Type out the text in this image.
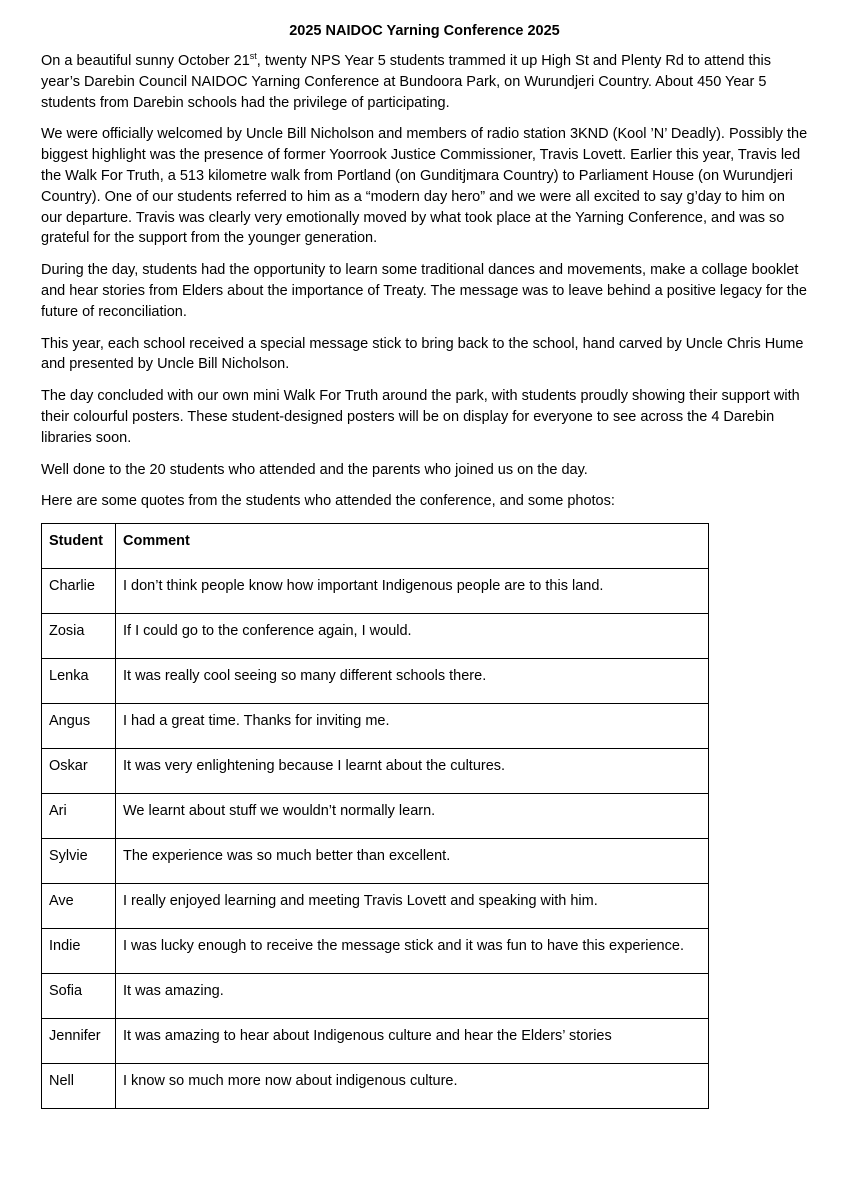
2025 NAIDOC Yarning Conference 2025

On a beautiful sunny October 21st, twenty NPS Year 5 students trammed it up High St and Plenty Rd to attend this year’s Darebin Council NAIDOC Yarning Conference at Bundoora Park, on Wurundjeri Country. About 450 Year 5 students from Darebin schools had the privilege of participating.

We were officially welcomed by Uncle Bill Nicholson and members of radio station 3KND (Kool ’N’ Deadly). Possibly the biggest highlight was the presence of former Yoorrook Justice Commissioner, Travis Lovett. Earlier this year, Travis led the Walk For Truth, a 513 kilometre walk from Portland (on Gunditjmara Country) to Parliament House (on Wurundjeri Country). One of our students referred to him as a “modern day hero” and we were all excited to say g’day to him on our departure. Travis was clearly very emotionally moved by what took place at the Yarning Conference, and was so grateful for the support from the younger generation.

During the day, students had the opportunity to learn some traditional dances and movements, make a collage booklet and hear stories from Elders about the importance of Treaty. The message was to leave behind a positive legacy for the future of reconciliation.

This year, each school received a special message stick to bring back to the school, hand carved by Uncle Chris Hume and presented by Uncle Bill Nicholson.

The day concluded with our own mini Walk For Truth around the park, with students proudly showing their support with their colourful posters. These student-designed posters will be on display for everyone to see across the 4 Darebin libraries soon.

Well done to the 20 students who attended and the parents who joined us on the day.

Here are some quotes from the students who attended the conference, and some photos:

Student	Comment
Charlie	I don’t think people know how important Indigenous people are to this land.
Zosia	If I could go to the conference again, I would.
Lenka	It was really cool seeing so many different schools there.
Angus	I had a great time. Thanks for inviting me.
Oskar	It was very enlightening because I learnt about the cultures.
Ari	We learnt about stuff we wouldn’t normally learn.
Sylvie	The experience was so much better than excellent.
Ave	I really enjoyed learning and meeting Travis Lovett and speaking with him.
Indie	I was lucky enough to receive the message stick and it was fun to have this experience.
Sofia	It was amazing.
Jennifer	It was amazing to hear about Indigenous culture and hear the Elders’ stories
Nell	I know so much more now about indigenous culture.
